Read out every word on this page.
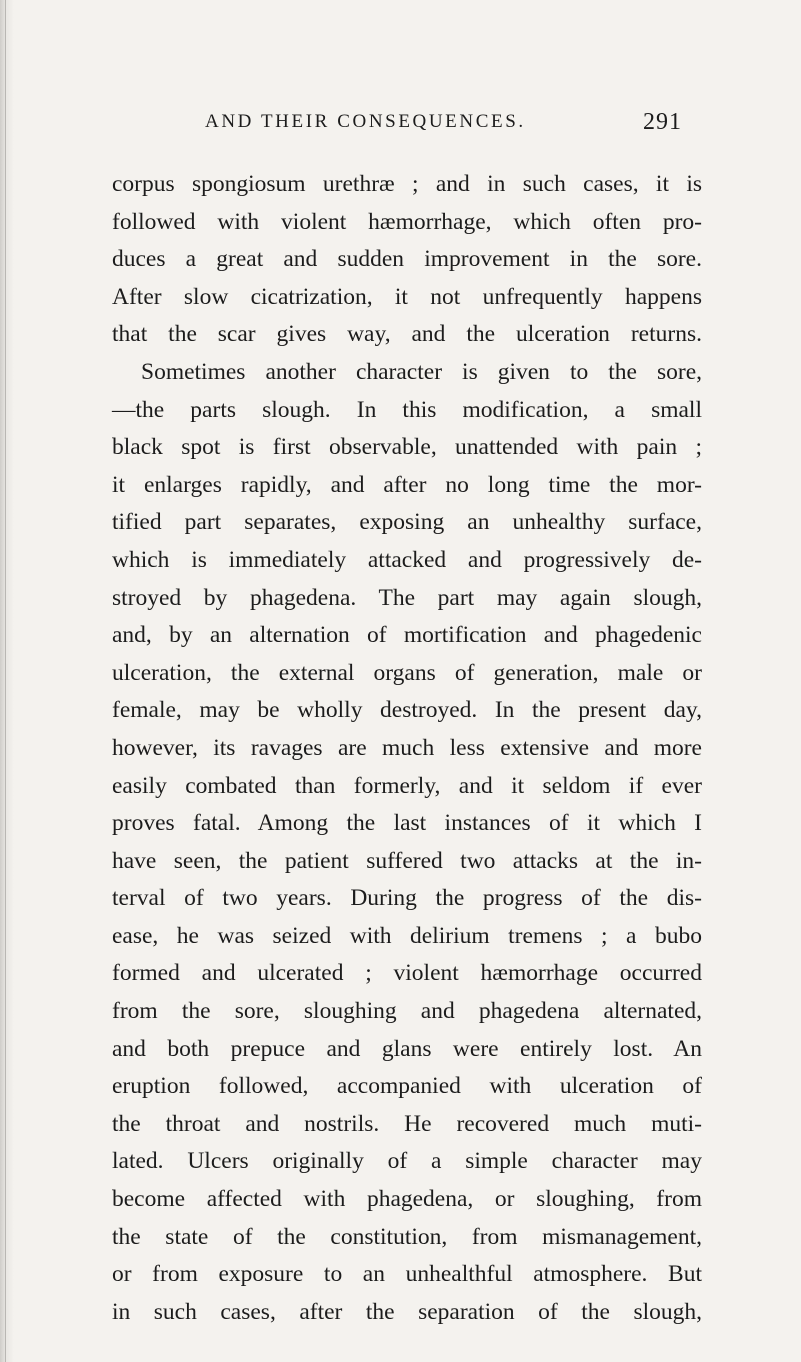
AND THEIR CONSEQUENCES.	291
corpus spongiosum urethræ ; and in such cases, it is
followed with violent hæmorrhage, which often pro-
duces a great and sudden improvement in the sore.
After slow cicatrization, it not unfrequently happens
that the scar gives way, and the ulceration returns.
Sometimes another character is given to the sore,
—the parts slough. In this modification, a small
black spot is first observable, unattended with pain ;
it enlarges rapidly, and after no long time the mor-
tified part separates, exposing an unhealthy surface,
which is immediately attacked and progressively de-
stroyed by phagedena. The part may again slough,
and, by an alternation of mortification and phagedenic
ulceration, the external organs of generation, male or
female, may be wholly destroyed. In the present day,
however, its ravages are much less extensive and more
easily combated than formerly, and it seldom if ever
proves fatal. Among the last instances of it which I
have seen, the patient suffered two attacks at the in-
terval of two years. During the progress of the dis-
ease, he was seized with delirium tremens ; a bubo
formed and ulcerated ; violent hæmorrhage occurred
from the sore, sloughing and phagedena alternated,
and both prepuce and glans were entirely lost. An
eruption followed, accompanied with ulceration of
the throat and nostrils. He recovered much muti-
lated. Ulcers originally of a simple character may
become affected with phagedena, or sloughing, from
the state of the constitution, from mismanagement,
or from exposure to an unhealthful atmosphere. But
in such cases, after the separation of the slough,
